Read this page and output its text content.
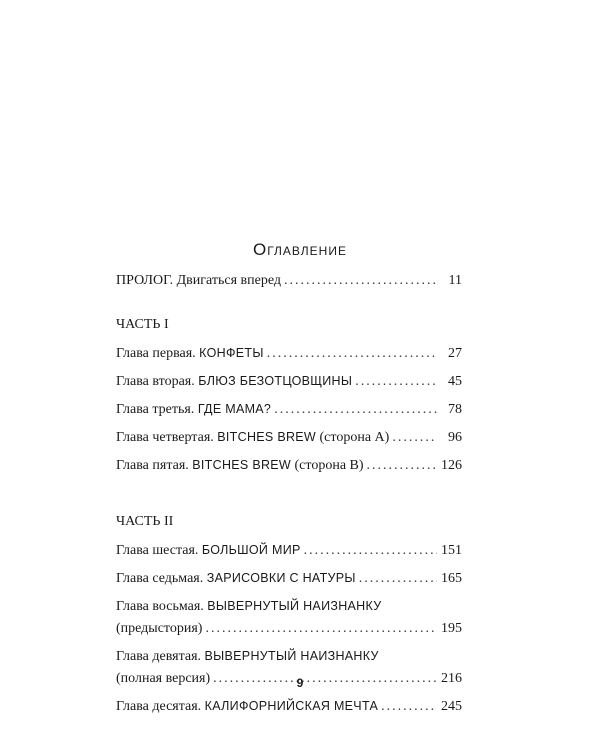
Оглавление
ПРОЛОГ. Двигаться вперед .....	11
ЧАСТЬ I
Глава первая. КОНФЕТЫ .....	27
Глава вторая. БЛЮЗ БЕЗОТЦОВЩИНЫ .....	45
Глава третья. ГДЕ МАМА? .....	78
Глава четвертая. BITCHES BREW (сторона А) .....	96
Глава пятая. BITCHES BREW (сторона В) .....	126
ЧАСТЬ II
Глава шестая. БОЛЬШОЙ МИР .....	151
Глава седьмая. ЗАРИСОВКИ С НАТУРЫ .....	165
Глава восьмая. ВЫВЕРНУТЫЙ НАИЗНАНКУ
(предыстория) .....	195
Глава девятая. ВЫВЕРНУТЫЙ НАИЗНАНКУ
(полная версия) .....	216
Глава десятая. КАЛИФОРНИЙСКАЯ МЕЧТА .....	245
9
